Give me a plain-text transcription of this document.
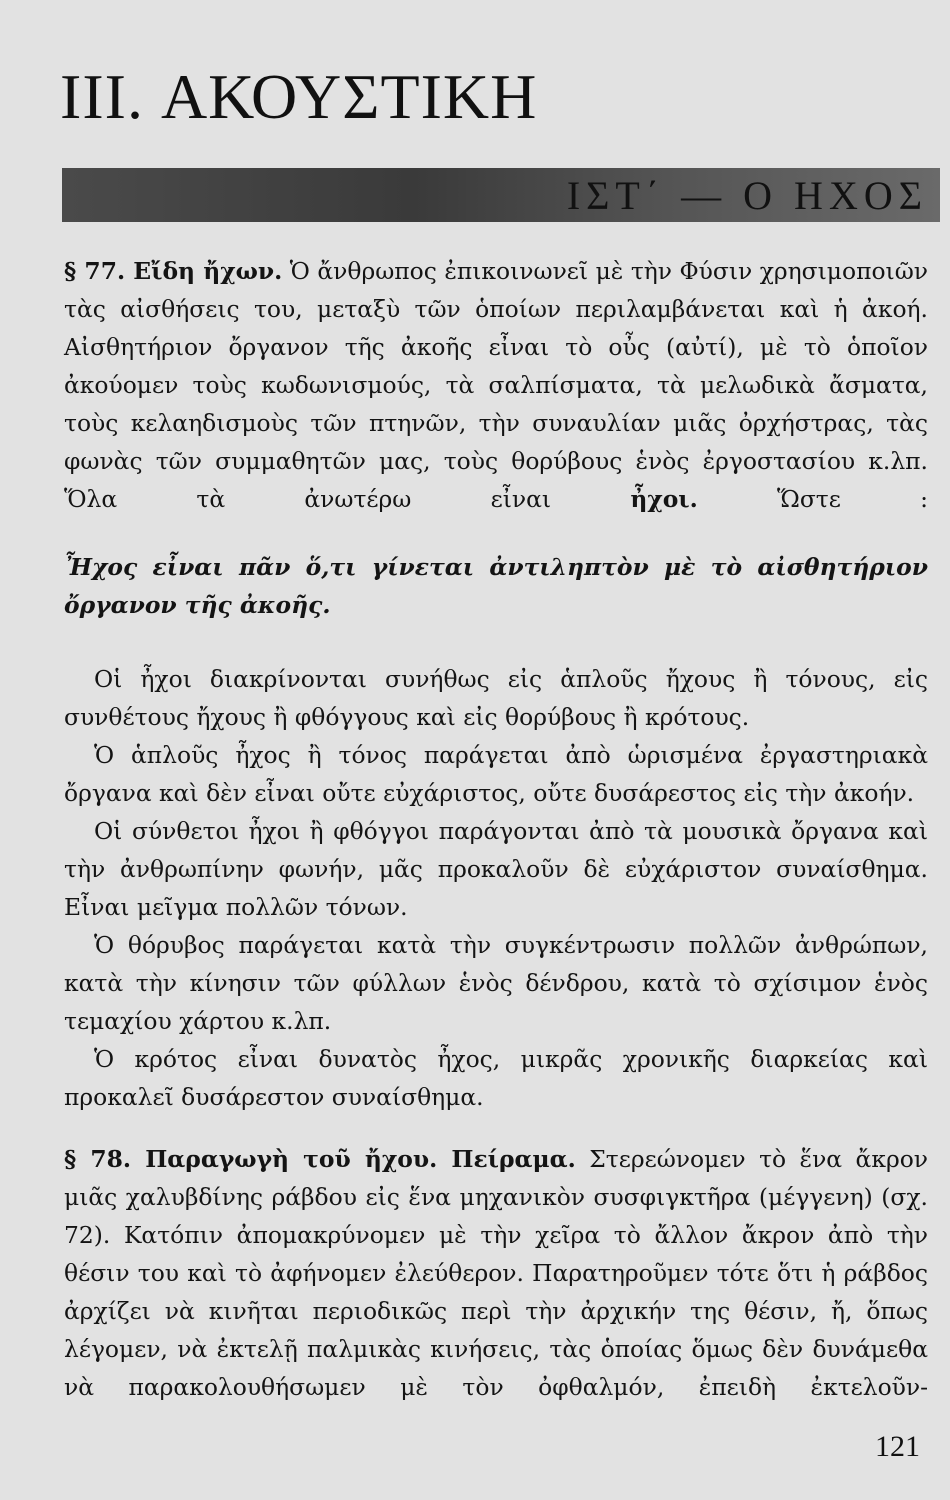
III. ΑΚΟΥΣΤΙΚΗ
ΙΣΤ΄ — Ο ΗΧΟΣ

§ 77. Εἴδη ἤχων. Ὁ ἄνθρωπος ἐπικοινωνεῖ μὲ τὴν Φύσιν χρησιμοποιῶν τὰς αἰσθήσεις του, μεταξὺ τῶν ὁποίων περιλαμβάνεται καὶ ἡ ἀκοή. Αἰσθητήριον ὄργανον τῆς ἀκοῆς εἶναι τὸ οὖς (αὐτί), μὲ τὸ ὁποῖον ἀκούομεν τοὺς κωδωνισμούς, τὰ σαλπίσματα, τὰ μελωδικὰ ἄσματα, τοὺς κελαηδισμοὺς τῶν πτηνῶν, τὴν συναυλίαν μιᾶς ὀρχήστρας, τὰς φωνὰς τῶν συμμαθητῶν μας, τοὺς θορύβους ἑνὸς ἐργοστασίου κ.λπ. Ὅλα τὰ ἀνωτέρω εἶναι ἦχοι. Ὥστε :

Ἦχος εἶναι πᾶν ὅ,τι γίνεται ἀντιληπτὸν μὲ τὸ αἰσθητήριον ὄργανον τῆς ἀκοῆς.

Οἱ ἦχοι διακρίνονται συνήθως εἰς ἁπλοῦς ἤχους ἢ τόνους, εἰς συνθέτους ἤχους ἢ φθόγγους καὶ εἰς θορύβους ἢ κρότους.

Ὁ ἁπλοῦς ἦχος ἢ τόνος παράγεται ἀπὸ ὡρισμένα ἐργαστηριακὰ ὄργανα καὶ δὲν εἶναι οὔτε εὐχάριστος, οὔτε δυσάρεστος εἰς τὴν ἀκοήν.

Οἱ σύνθετοι ἦχοι ἢ φθόγγοι παράγονται ἀπὸ τὰ μουσικὰ ὄργανα καὶ τὴν ἀνθρωπίνην φωνήν, μᾶς προκαλοῦν δὲ εὐχάριστον συναίσθημα. Εἶναι μεῖγμα πολλῶν τόνων.

Ὁ θόρυβος παράγεται κατὰ τὴν συγκέντρωσιν πολλῶν ἀνθρώπων, κατὰ τὴν κίνησιν τῶν φύλλων ἑνὸς δένδρου, κατὰ τὸ σχίσιμον ἑνὸς τεμαχίου χάρτου κ.λπ.

Ὁ κρότος εἶναι δυνατὸς ἦχος, μικρᾶς χρονικῆς διαρκείας καὶ προκαλεῖ δυσάρεστον συναίσθημα.

§ 78. Παραγωγὴ τοῦ ἤχου. Πείραμα. Στερεώνομεν τὸ ἕνα ἄκρον μιᾶς χαλυβδίνης ράβδου εἰς ἕνα μηχανικὸν συσφιγκτῆρα (μέγγενη) (σχ. 72). Κατόπιν ἀπομακρύνομεν μὲ τὴν χεῖρα τὸ ἄλλον ἄκρον ἀπὸ τὴν θέσιν του καὶ τὸ ἀφήνομεν ἐλεύθερον. Παρατηροῦμεν τότε ὅτι ἡ ράβδος ἀρχίζει νὰ κινῆται περιοδικῶς περὶ τὴν ἀρχικήν της θέσιν, ἤ, ὅπως λέγομεν, νὰ ἐκτελῇ παλμικὰς κινήσεις, τὰς ὁποίας ὅμως δὲν δυνάμεθα νὰ παρακολουθήσωμεν μὲ τὸν ὀφθαλμόν, ἐπειδὴ ἐκτελοῦν-

121
